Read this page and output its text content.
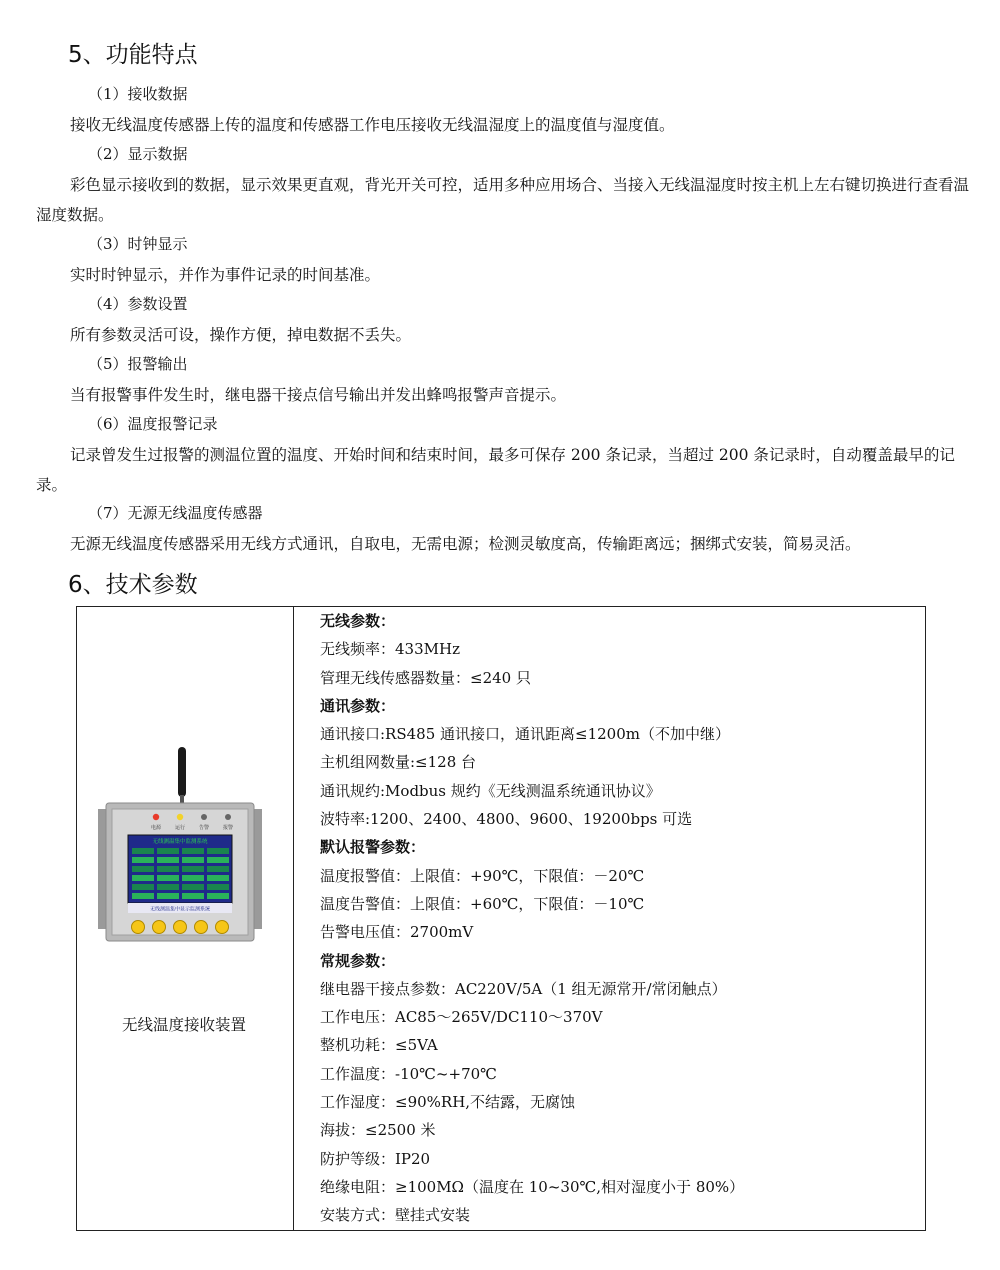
5、功能特点
（1）接收数据
接收无线温度传感器上传的温度和传感器工作电压接收无线温湿度上的温度值与湿度值。
（2）显示数据
彩色显示接收到的数据，显示效果更直观，背光开关可控，适用多种应用场合、当接入无线温湿度时按主机上左右键切换进行查看温湿度数据。
（3）时钟显示
实时时钟显示，并作为事件记录的时间基准。
（4）参数设置
所有参数灵活可设，操作方便，掉电数据不丢失。
（5）报警输出
当有报警事件发生时，继电器干接点信号输出并发出蜂鸣报警声音提示。
（6）温度报警记录
记录曾发生过报警的测温位置的温度、开始时间和结束时间，最多可保存 200 条记录，当超过 200 条记录时，自动覆盖最早的记录。
（7）无源无线温度传感器
无源无线温度传感器采用无线方式通讯，自取电，无需电源；检测灵敏度高，传输距离远；捆绑式安装，简易灵活。
6、技术参数
电源	运行	告警	报警
无线测温集中监测系统
无线测温集中显示监测系统
无线温度接收装置

无线参数：
无线频率：433MHz
管理无线传感器数量：≤240 只
通讯参数：
通讯接口:RS485 通讯接口，通讯距离≤1200m（不加中继）
主机组网数量:≤128 台
通讯规约:Modbus 规约《无线测温系统通讯协议》
波特率:1200、2400、4800、9600、19200bps 可选
默认报警参数：
温度报警值：上限值：+90℃，下限值：－20℃
温度告警值：上限值：+60℃，下限值：－10℃
告警电压值：2700mV
常规参数：
继电器干接点参数：AC220V/5A（1 组无源常开/常闭触点）
工作电压：AC85～265V/DC110～370V
整机功耗：≤5VA
工作温度：-10℃~+70℃
工作湿度：≤90%RH,不结露，无腐蚀
海拔：≤2500 米
防护等级：IP20
绝缘电阻：≥100MΩ（温度在 10~30℃,相对湿度小于 80%）
安装方式：壁挂式安装
